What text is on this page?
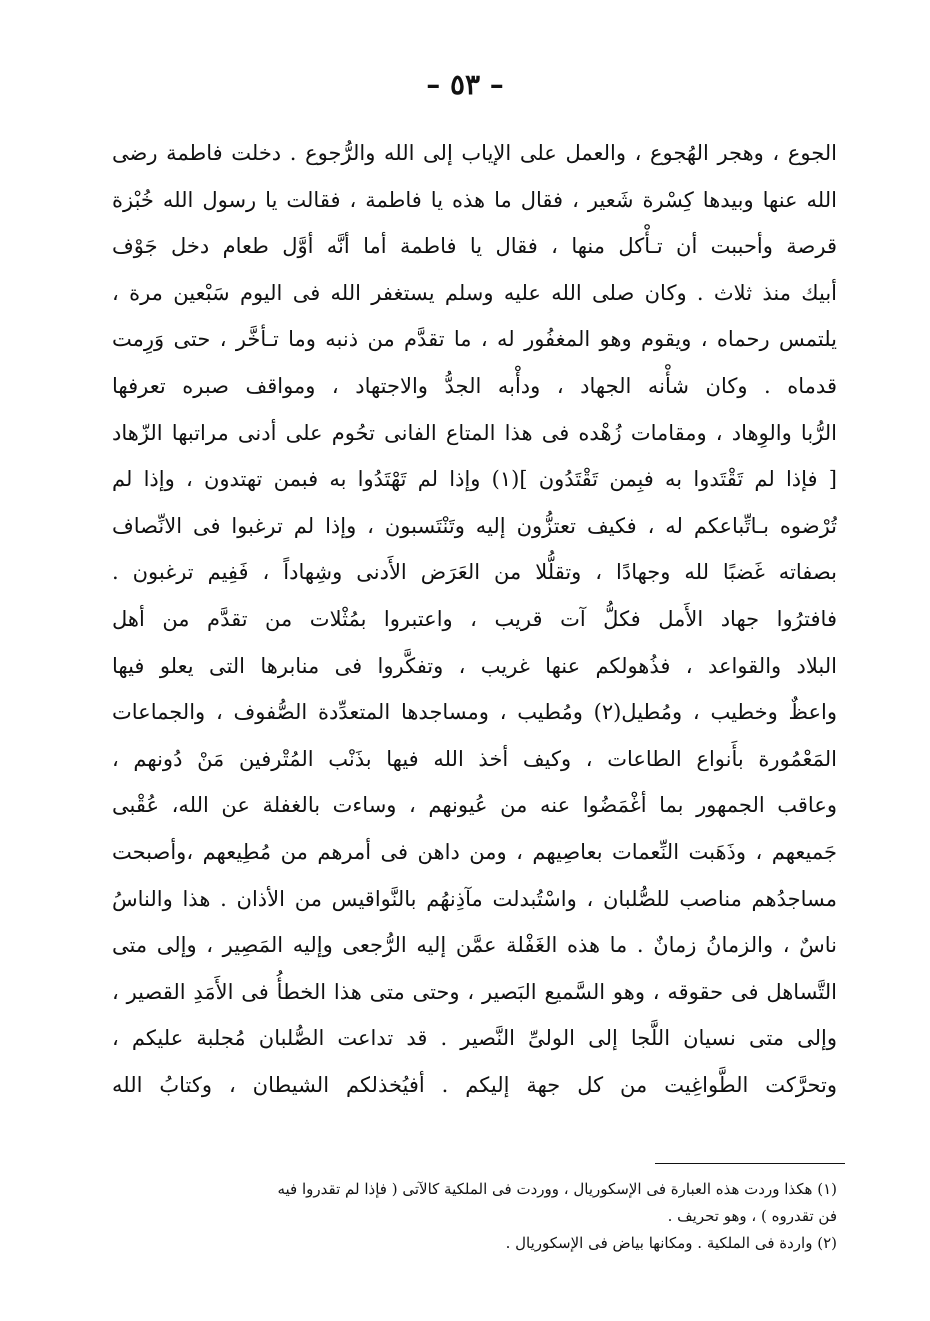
– ٥٣ –
الجوع ، وهجر الهُجوع ، والعمل على الإياب إلى الله والرُّجوع . دخلت فاطمة رضى
الله عنها وبيدها كِسْرة شَعير ، فقال ما هذه يا فاطمة ، فقالت يا رسول الله خُبْزة
قرصة وأحببت أن تـأْكل منها ، فقال يا فاطمة أما أنَّه أوَّل طعام دخل جَوْف
أبيك منذ ثلاث . وكان صلى الله عليه وسلم يستغفر الله فى اليوم سَبْعين مرة ،
يلتمس رحماه ، ويقوم وهو المغفُور له ، ما تقدَّم من ذنبه وما تـأخَّر ، حتى وَرِمت
قدماه . وكان شأْنه الجهاد ، ودأْبه الجدُّ والاجتهاد ، ومواقف صبره تعرفها
الرُّبا والوِهاد ، ومقامات زُهْده فى هذا المتاع الفانى تحُوم على أدنى مراتبها الزّهاد
[ فإذا لم تَقْتَدوا به فبِمن تَقْتَدُون ](١) وإذا لم تَهْتَدُوا به فبمن تهتدون ، وإذا لم
تُرْضوه بـاتِّباعكم له ، فكيف تعتزُّون إليه وتَنْتَسبون ، وإذا لم ترغبوا فى الانِّصاف
بصفاته غَضبًا لله وجهادًا ، وتقلُّلا من العَرَض الأَدنى وشِهاداً ، فَفِيم ترغبون .
فافترُوا جهاد الأَمل فكلُّ آت قريب ، واعتبروا بمُثْلات من تقدَّم من أهل
البلاد والقواعد ، فذُهولكم عنها غريب ، وتفكَّروا فى منابرها التى يعلو فيها
واعظٌ وخطيب ، ومُطيل(٢) ومُطيب ، ومساجدها المتعدِّدة الصُّفوف ، والجماعات
المَعْمُورة بأَنواع الطاعات ، وكيف أخذ الله فيها بذَنْب المُتْرفين مَنْ دُونهم ،
وعاقب الجمهور بما أغْمَضُوا عنه من عُيونهم ، وساءت بالغفلة عن الله، عُقْبى
جَميعهم ، وذَهَبت النِّعمات بعاصِيهم ، ومن داهن فى أمرهم من مُطِيعهم ،وأصبحت
مساجدُهم مناصب للصُّلبان ، واسْتُبدلت مآذِنهُم بالنَّواقيس من الأذان . هذا والناسُ
ناسٌ ، والزمانُ زمانٌ . ما هذه الغَفْلة عمَّن إليه الرُّجعى وإليه المَصِير ، وإلى متى
التَّساهل فى حقوقه ، وهو السَّميع البَصير ، وحتى متى هذا الخطأُ فى الأَمَدِ القصير ،
وإلى متى نسيان اللَّجا إلى الولىِّ النَّصير . قد تداعت الصُّلبان مُجلبة عليكم ،
وتحرَّكت الطَّواغِيت من كل جهة إليكم . أفيُخذلكم الشيطان ، وكتابُ الله
(١) هكذا وردت هذه العبارة فى الإسكوريال ، ووردت فى الملكية كالآتى ( فإذا لم تقدروا فيه
فن تقدروه ) ، وهو تحريف .
(٢) واردة فى الملكية . ومكانها بياض فى الإسكوريال .
